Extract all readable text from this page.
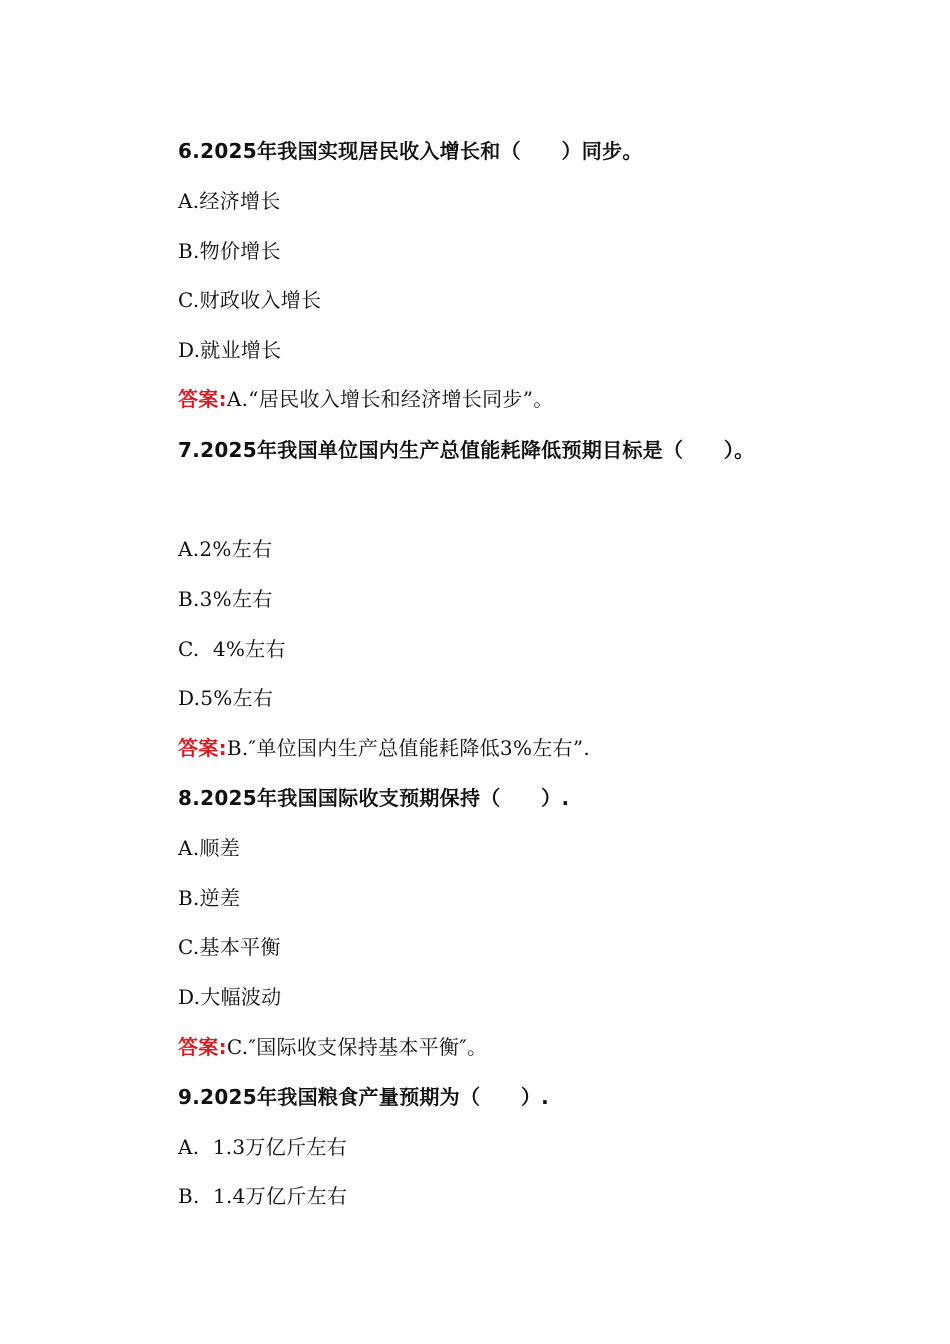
6.2025年我国实现居民收入增长和（　　）同步。
A.经济增长
B.物价增长
C.财政收入增长
D.就业增长
答案:A.“居民收入增长和经济增长同步”。
7.2025年我国单位国内生产总值能耗降低预期目标是（　　）。
A.2%左右
B.3%左右
C.  4%左右
D.5%左右
答案:B.″单位国内生产总值能耗降低3%左右”.
8.2025年我国国际收支预期保持（　　）.
A.顺差
B.逆差
C.基本平衡
D.大幅波动
答案:C.″国际收支保持基本平衡″。
9.2025年我国粮食产量预期为（　　）.
A.  1.3万亿斤左右
B.  1.4万亿斤左右
